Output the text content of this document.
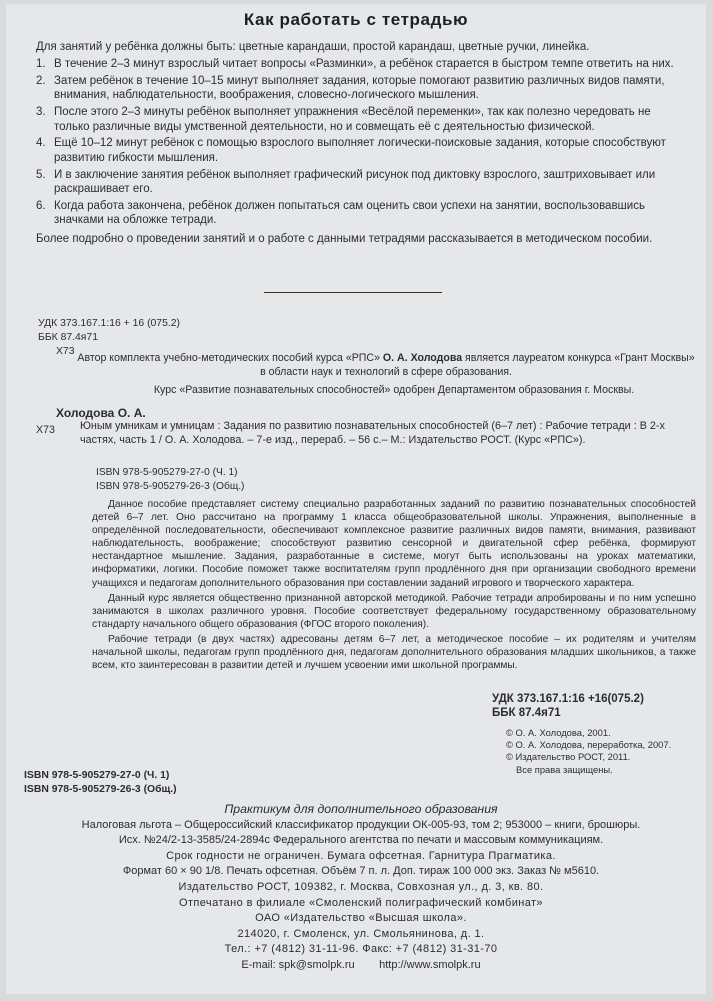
Как работать с тетрадью

Для занятий у ребёнка должны быть: цветные карандаши, простой карандаш, цветные ручки, линейка.

1. В течение 2–3 минут взрослый читает вопросы «Разминки», а ребёнок старается в быстром темпе ответить на них.

2. Затем ребёнок в течение 10–15 минут выполняет задания, которые помогают развитию различных видов памяти, внимания, наблюдательности, воображения, словесно-логического мышления.

3. После этого 2–3 минуты ребёнок выполняет упражнения «Весёлой переменки», так как полезно чередовать не только различные виды умственной деятельности, но и совмещать её с деятельностью физической.

4. Ещё 10–12 минут ребёнок с помощью взрослого выполняет логически-поисковые задания, которые способствуют развитию гибкости мышления.

5. И в заключение занятия ребёнок выполняет графический рисунок под диктовку взрослого, заштриховывает или раскрашивает его.

6. Когда работа закончена, ребёнок должен попытаться сам оценить свои успехи на занятии, воспользовавшись значками на обложке тетради.

Более подробно о проведении занятий и о работе с данными тетрадями рассказывается в методическом пособии.

УДК 373.167.1:16 + 16 (075.2)
ББК 87.4я71
Х73
Автор комплекта учебно-методических пособий курса «РПС» О. А. Холодова является лауреатом конкурса «Грант Москвы» в области наук и технологий в сфере образования.
Курс «Развитие познавательных способностей» одобрен Департаментом образования г. Москвы.
Холодова О. А.
Х73 Юным умникам и умницам : Задания по развитию познавательных способностей (6–7 лет) : Рабочие тетради : В 2-х частях, часть 1 / О. А. Холодова. – 7-е изд., перераб. – 56 с.– М.: Издательство РОСТ. (Курс «РПС»).
ISBN 978-5-905279-27-0 (Ч. 1)
ISBN 978-5-905279-26-3 (Общ.)

Данное пособие представляет систему специально разработанных заданий по развитию познавательных способностей детей 6–7 лет. Оно рассчитано на программу 1 класса общеобразовательной школы. Упражнения, выполненные в определённой последовательности, обеспечивают комплексное развитие различных видов памяти, внимания, развивают наблюдательность, воображение; способствуют развитию сенсорной и двигательной сфер ребёнка, формируют нестандартное мышление. Задания, разработанные в системе, могут быть использованы на уроках математики, информатики, логики. Пособие поможет также воспитателям групп продлённого дня при организации свободного времени учащихся и педагогам дополнительного образования при составлении заданий игрового и творческого характера.

Данный курс является общественно признанной авторской методикой. Рабочие тетради апробированы и по ним успешно занимаются в школах различного уровня. Пособие соответствует федеральному государственному образовательному стандарту начального общего образования (ФГОС второго поколения).

Рабочие тетради (в двух частях) адресованы детям 6–7 лет, а методическое пособие – их родителям и учителям начальной школы, педагогам групп продлённого дня, педагогам дополнительного образования младших школьников, а также всем, кто заинтересован в развитии детей и лучшем усвоении ими школьной программы.

УДК 373.167.1:16 +16(075.2)
ББК 87.4я71
© О. А. Холодова, 2001.
© О. А. Холодова, переработка, 2007.
© Издательство РОСТ, 2011.
Все права защищены.
ISBN 978-5-905279-27-0 (Ч. 1)
ISBN 978-5-905279-26-3 (Общ.)
Практикум для дополнительного образования
Налоговая льгота – Общероссийский классификатор продукции ОК-005-93, том 2; 953000 – книги, брошюры.
Исх. №24/2-13-3585/24-2894с Федерального агентства по печати и массовым коммуникациям.
Срок годности не ограничен. Бумага офсетная. Гарнитура Прагматика.
Формат 60 × 90 1/8. Печать офсетная. Объём 7 п. л. Доп. тираж 100 000 экз. Заказ № м5610.
Издательство РОСТ, 109382, г. Москва, Совхозная ул., д. 3, кв. 80.
Отпечатано в филиале «Смоленский полиграфический комбинат»
ОАО «Издательство «Высшая школа».
214020, г. Смоленск, ул. Смольянинова, д. 1.
Тел.: +7 (4812) 31-11-96. Факс: +7 (4812) 31-31-70
E-mail: spk@smolpk.ru http://www.smolpk.ru
